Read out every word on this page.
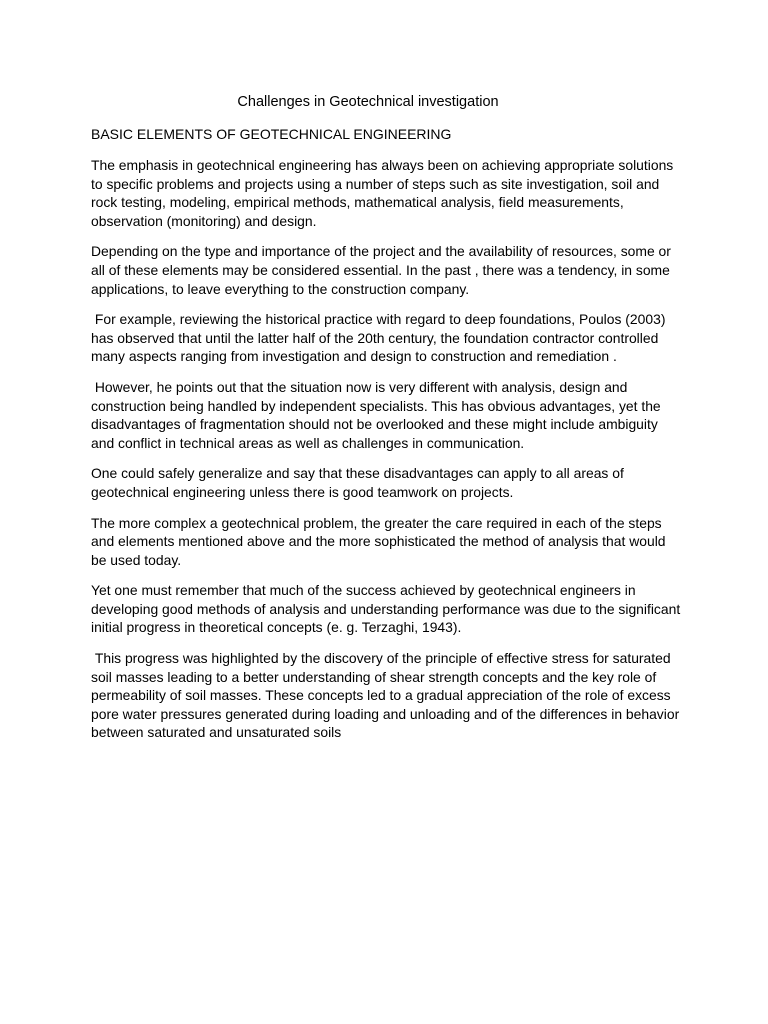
Challenges in Geotechnical investigation
BASIC ELEMENTS OF GEOTECHNICAL ENGINEERING

The emphasis in geotechnical engineering has always been on achieving appropriate solutions
to specific problems and projects using a number of steps such as site investigation, soil and
rock testing, modeling, empirical methods, mathematical analysis, field measurements,
observation (monitoring) and design.

Depending on the type and importance of the project and the availability of resources, some or
all of these elements may be considered essential. In the past , there was a tendency, in some
applications, to leave everything to the construction company.

For example, reviewing the historical practice with regard to deep foundations, Poulos (2003)
has observed that until the latter half of the 20th century, the foundation contractor controlled
many aspects ranging from investigation and design to construction and remediation .

However, he points out that the situation now is very different with analysis, design and
construction being handled by independent specialists. This has obvious advantages, yet the
disadvantages of fragmentation should not be overlooked and these might include ambiguity
and conflict in technical areas as well as challenges in communication.

One could safely generalize and say that these disadvantages can apply to all areas of
geotechnical engineering unless there is good teamwork on projects.

The more complex a geotechnical problem, the greater the care required in each of the steps
and elements mentioned above and the more sophisticated the method of analysis that would
be used today.

Yet one must remember that much of the success achieved by geotechnical engineers in
developing good methods of analysis and understanding performance was due to the significant
initial progress in theoretical concepts (e. g. Terzaghi, 1943).

This progress was highlighted by the discovery of the principle of effective stress for saturated
soil masses leading to a better understanding of shear strength concepts and the key role of
permeability of soil masses. These concepts led to a gradual appreciation of the role of excess
pore water pressures generated during loading and unloading and of the differences in behavior
between saturated and unsaturated soils
